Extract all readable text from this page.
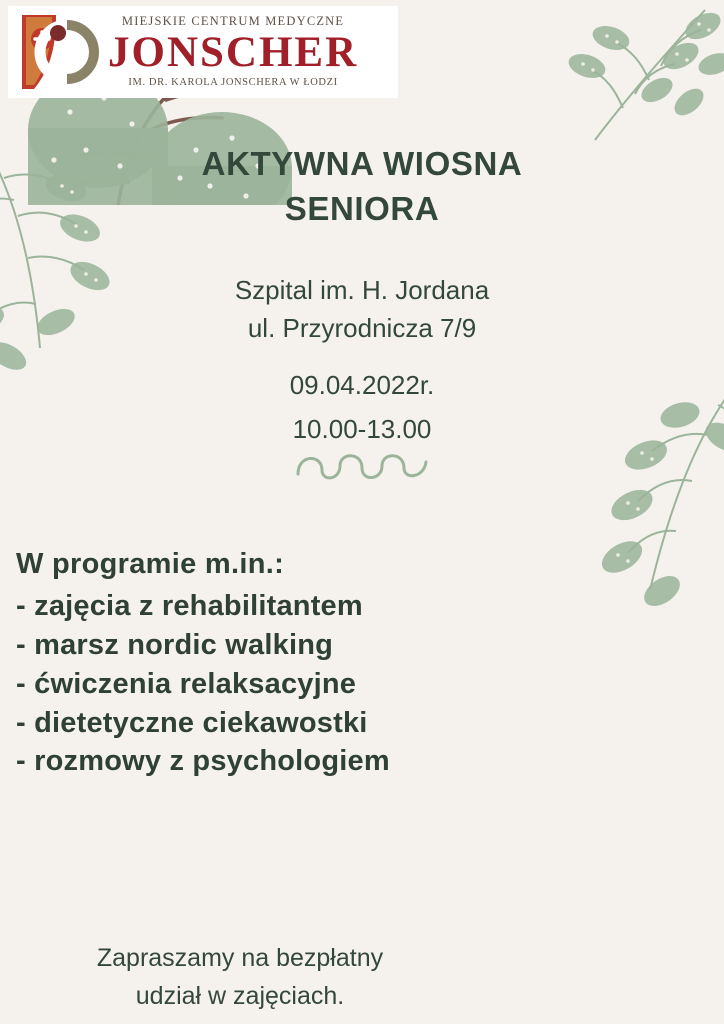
MIEJSKIE CENTRUM MEDYCZNE
JONSCHER
IM. DR. KAROLA JONSCHERA W ŁODZI
AKTYWNA WIOSNA
SENIORA
Szpital im. H. Jordana
ul. Przyrodnicza 7/9
09.04.2022r.
10.00-13.00
W programie m.in.:
- zajęcia z rehabilitantem
- marsz nordic walking
- ćwiczenia relaksacyjne
- dietetyczne ciekawostki
- rozmowy z psychologiem
Zapraszamy na bezpłatny
udział w zajęciach.
